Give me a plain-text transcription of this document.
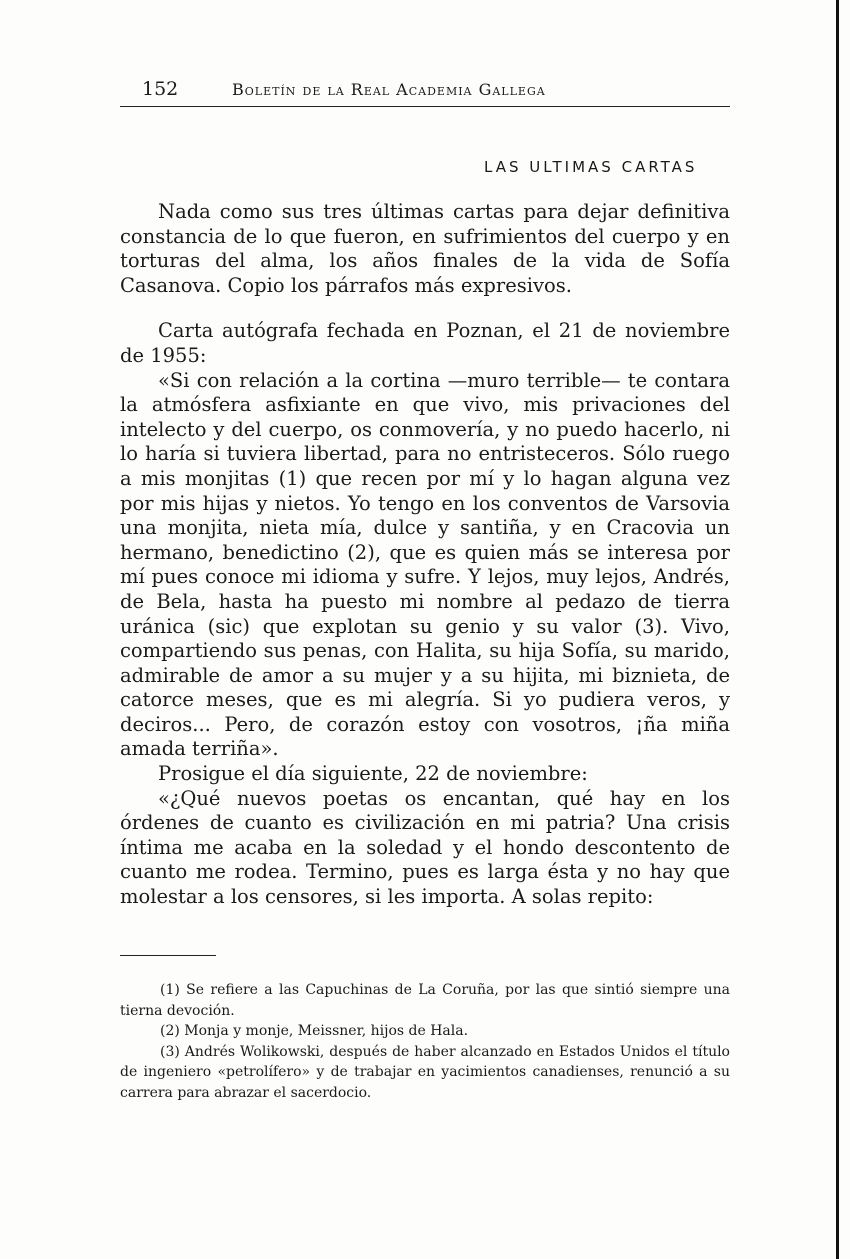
152	Boletín de la Real Academia Gallega
LAS ULTIMAS CARTAS

Nada como sus tres últimas cartas para dejar definitiva constancia de lo que fueron, en sufrimientos del cuerpo y en torturas del alma, los años finales de la vida de Sofía Casanova. Copio los párrafos más expresivos.

Carta autógrafa fechada en Poznan, el 21 de noviembre de 1955:

«Si con relación a la cortina —muro terrible— te contara la atmósfera asfixiante en que vivo, mis privaciones del intelecto y del cuerpo, os conmovería, y no puedo hacerlo, ni lo haría si tuviera libertad, para no entristeceros. Sólo ruego a mis monjitas (1) que recen por mí y lo hagan alguna vez por mis hijas y nietos. Yo tengo en los conventos de Varsovia una monjita, nieta mía, dulce y santiña, y en Cracovia un hermano, benedictino (2), que es quien más se interesa por mí pues conoce mi idioma y sufre. Y lejos, muy lejos, Andrés, de Bela, hasta ha puesto mi nombre al pedazo de tierra uránica (sic) que explotan su genio y su valor (3). Vivo, compartiendo sus penas, con Halita, su hija Sofía, su marido, admirable de amor a su mujer y a su hijita, mi biznieta, de catorce meses, que es mi alegría. Si yo pudiera veros, y deciros... Pero, de corazón estoy con vosotros, ¡ña miña amada terriña».

Prosigue el día siguiente, 22 de noviembre:

«¿Qué nuevos poetas os encantan, qué hay en los órdenes de cuanto es civilización en mi patria? Una crisis íntima me acaba en la soledad y el hondo descontento de cuanto me rodea. Termino, pues es larga ésta y no hay que molestar a los censores, si les importa. A solas repito:

(1) Se refiere a las Capuchinas de La Coruña, por las que sintió siempre una tierna devoción.

(2) Monja y monje, Meissner, hijos de Hala.

(3) Andrés Wolikowski, después de haber alcanzado en Estados Unidos el título de ingeniero «petrolífero» y de trabajar en yacimientos canadienses, renunció a su carrera para abrazar el sacerdocio.
